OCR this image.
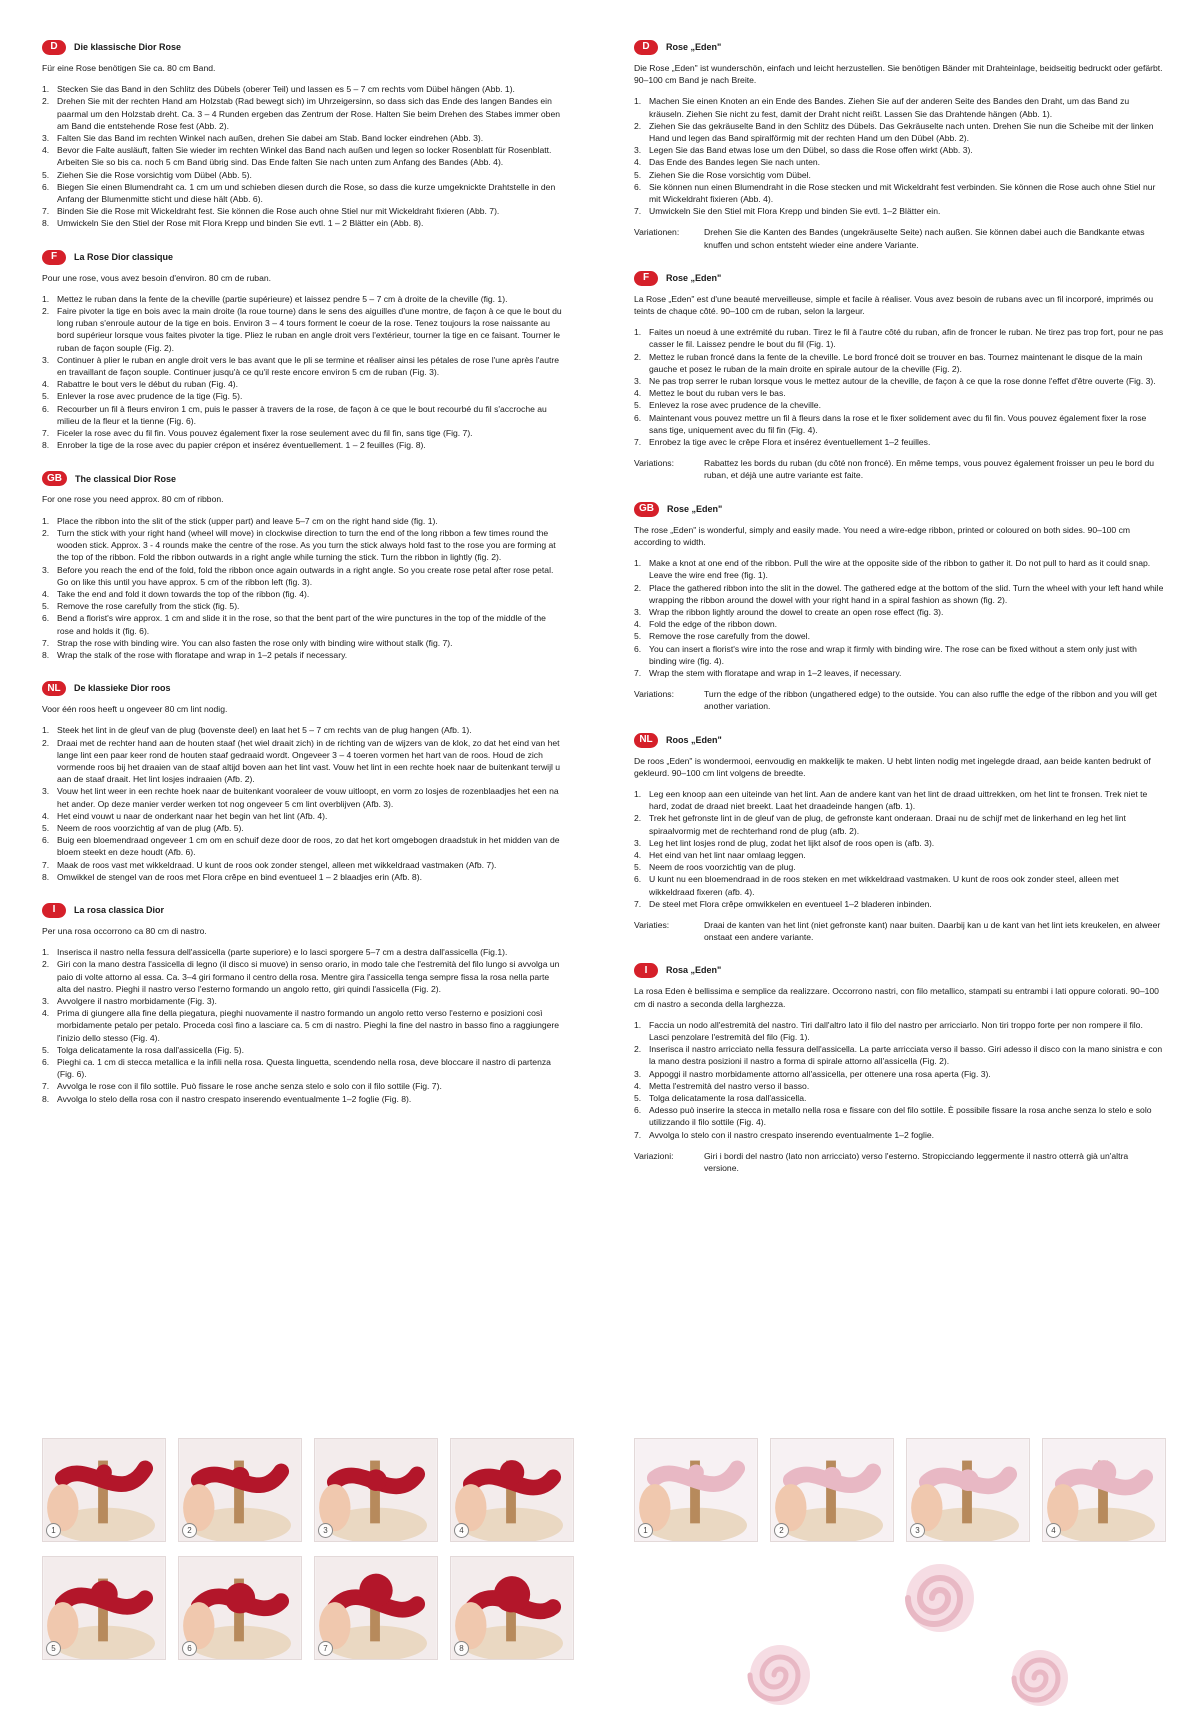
D	Die klassische Dior Rose

Für eine Rose benötigen Sie ca. 80 cm Band.

1. Stecken Sie das Band in den Schlitz des Dübels (oberer Teil) und lassen es 5 – 7 cm rechts vom Dübel hängen (Abb. 1).
2. Drehen Sie mit der rechten Hand am Holzstab (Rad bewegt sich) im Uhrzeigersinn, so dass sich das Ende des langen Bandes ein paarmal um den Holzstab dreht. Ca. 3 – 4 Runden ergeben das Zentrum der Rose. Halten Sie beim Drehen des Stabes immer oben am Band die entstehende Rose fest (Abb. 2).
3. Falten Sie das Band im rechten Winkel nach außen, drehen Sie dabei am Stab. Band locker eindrehen (Abb. 3).
4. Bevor die Falte ausläuft, falten Sie wieder im rechten Winkel das Band nach außen und legen so locker Rosenblatt für Rosenblatt. Arbeiten Sie so bis ca. noch 5 cm Band übrig sind. Das Ende falten Sie nach unten zum Anfang des Bandes (Abb. 4).
5. Ziehen Sie die Rose vorsichtig vom Dübel (Abb. 5).
6. Biegen Sie einen Blumendraht ca. 1 cm um und schieben diesen durch die Rose, so dass die kurze umgeknickte Drahtstelle in den Anfang der Blumenmitte sticht und diese hält (Abb. 6).
7. Binden Sie die Rose mit Wickeldraht fest. Sie können die Rose auch ohne Stiel nur mit Wickeldraht fixieren (Abb. 7).
8. Umwickeln Sie den Stiel der Rose mit Flora Krepp und binden Sie evtl. 1 – 2 Blätter ein (Abb. 8).
F	La Rose Dior classique

Pour une rose, vous avez besoin d'environ. 80 cm de ruban.

1. Mettez le ruban dans la fente de la cheville (partie supérieure) et laissez pendre 5 – 7 cm à droite de la cheville (fig. 1).
2. Faire pivoter la tige en bois avec la main droite (la roue tourne) dans le sens des aiguilles d'une montre, de façon à ce que le bout du long ruban s'enroule autour de la tige en bois. Environ 3 – 4 tours forment le coeur de la rose. Tenez toujours la rose naissante au bord supérieur lorsque vous faites pivoter la tige. Pliez le ruban en angle droit vers l'extérieur, tourner la tige en ce faisant. Tourner le ruban de façon souple (Fig. 2).
3. Continuer à plier le ruban en angle droit vers le bas avant que le pli se termine et réaliser ainsi les pétales de rose l'une après l'autre en travaillant de façon souple. Continuer jusqu'à ce qu'il reste encore environ 5 cm de ruban (Fig. 3).
4. Rabattre le bout vers le début du ruban (Fig. 4).
5. Enlever la rose avec prudence de la tige (Fig. 5).
6. Recourber un fil à fleurs environ 1 cm, puis le passer à travers de la rose, de façon à ce que le bout recourbé du fil s'accroche au milieu de la fleur et la tienne (Fig. 6).
7. Ficeler la rose avec du fil fin. Vous pouvez également fixer la rose seulement avec du fil fin, sans tige (Fig. 7).
8. Enrober la tige de la rose avec du papier crépon et insérez éventuellement. 1 – 2 feuilles (Fig. 8).
GB	The classical Dior Rose

For one rose you need approx. 80 cm of ribbon.

1. Place the ribbon into the slit of the stick (upper part) and leave 5–7 cm on the right hand side (fig. 1).
2. Turn the stick with your right hand (wheel will move) in clockwise direction to turn the end of the long ribbon a few times round the wooden stick. Approx. 3 - 4 rounds make the centre of the rose. As you turn the stick always hold fast to the rose you are forming at the top of the ribbon. Fold the ribbon outwards in a right angle while turning the stick. Turn the ribbon in lightly (fig. 2).
3. Before you reach the end of the fold, fold the ribbon once again outwards in a right angle. So you create rose petal after rose petal. Go on like this until you have approx. 5 cm of the ribbon left (fig. 3).
4. Take the end and fold it down towards the top of the ribbon (fig. 4).
5. Remove the rose carefully from the stick (fig. 5).
6. Bend a florist's wire approx. 1 cm and slide it in the rose, so that the bent part of the wire punctures in the top of the middle of the rose and holds it (fig. 6).
7. Strap the rose with binding wire. You can also fasten the rose only with binding wire without stalk (fig. 7).
8. Wrap the stalk of the rose with floratape and wrap in 1–2 petals if necessary.
NL	De klassieke Dior roos

Voor één roos heeft u ongeveer 80 cm lint nodig.

1. Steek het lint in de gleuf van de plug (bovenste deel) en laat het 5 – 7 cm rechts van de plug hangen (Afb. 1).
2. Draai met de rechter hand aan de houten staaf (het wiel draait zich) in de richting van de wijzers van de klok, zo dat het eind van het lange lint een paar keer rond de houten staaf gedraaid wordt. Ongeveer 3 – 4 toeren vormen het hart van de roos. Houd de zich vormende roos bij het draaien van de staaf altijd boven aan het lint vast. Vouw het lint in een rechte hoek naar de buitenkant terwijl u aan de staaf draait. Het lint losjes indraaien (Afb. 2).
3. Vouw het lint weer in een rechte hoek naar de buitenkant vooraleer de vouw uitloopt, en vorm zo losjes de rozenblaadjes het een na het ander. Op deze manier verder werken tot nog ongeveer 5 cm lint overblijven (Afb. 3).
4. Het eind vouwt u naar de onderkant naar het begin van het lint (Afb. 4).
5. Neem de roos voorzichtig af van de plug (Afb. 5).
6. Buig een bloemendraad ongeveer 1 cm om en schuif deze door de roos, zo dat het kort omgebogen draadstuk in het midden van de bloem steekt en deze houdt (Afb. 6).
7. Maak de roos vast met wikkeldraad. U kunt de roos ook zonder stengel, alleen met wikkeldraad vastmaken (Afb. 7).
8. Omwikkel de stengel van de roos met Flora crêpe en bind eventueel 1 – 2 blaadjes erin (Afb. 8).
I	La rosa classica Dior

Per una rosa occorrono ca 80 cm di nastro.

1. Inserisca il nastro nella fessura dell'assicella (parte superiore) e lo lasci sporgere 5–7 cm a destra dall'assicella (Fig.1).
2. Giri con la mano destra l'assicella di legno (il disco si muove) in senso orario, in modo tale che l'estremità del filo lungo si avvolga un paio di volte attorno al essa. Ca. 3–4 giri formano il centro della rosa. Mentre gira l'assicella tenga sempre fissa la rosa nella parte alta del nastro. Pieghi il nastro verso l'esterno formando un angolo retto, giri quindi l'assicella (Fig. 2).
3. Avvolgere il nastro morbidamente (Fig. 3).
4. Prima di giungere alla fine della piegatura, pieghi nuovamente il nastro formando un angolo retto verso l'esterno e posizioni così morbidamente petalo per petalo. Proceda così fino a lasciare ca. 5 cm di nastro. Pieghi la fine del nastro in basso fino a raggiungere l'inizio dello stesso (Fig. 4).
5. Tolga delicatamente la rosa dall'assicella (Fig. 5).
6. Pieghi ca. 1 cm di stecca metallica e la infili nella rosa. Questa linguetta, scendendo nella rosa, deve bloccare il nastro di partenza (Fig. 6).
7. Avvolga le rose con il filo sottile. Può fissare le rose anche senza stelo e solo con il filo sottile (Fig. 7).
8. Avvolga lo stelo della rosa con il nastro crespato inserendo eventualmente 1–2 foglie (Fig. 8).
D	Rose „Eden"

Die Rose „Eden" ist wunderschön, einfach und leicht herzustellen. Sie benötigen Bänder mit Drahteinlage, beidseitig bedruckt oder gefärbt. 90–100 cm Band je nach Breite.

1. Machen Sie einen Knoten an ein Ende des Bandes. Ziehen Sie auf der anderen Seite des Bandes den Draht, um das Band zu kräuseln. Ziehen Sie nicht zu fest, damit der Draht nicht reißt. Lassen Sie das Drahtende hängen (Abb. 1).
2. Ziehen Sie das gekräuselte Band in den Schlitz des Dübels. Das Gekräuselte nach unten. Drehen Sie nun die Scheibe mit der linken Hand und legen das Band spiralförmig mit der rechten Hand um den Dübel (Abb. 2).
3. Legen Sie das Band etwas lose um den Dübel, so dass die Rose offen wirkt (Abb. 3).
4. Das Ende des Bandes legen Sie nach unten.
5. Ziehen Sie die Rose vorsichtig vom Dübel.
6. Sie können nun einen Blumendraht in die Rose stecken und mit Wickeldraht fest verbinden. Sie können die Rose auch ohne Stiel nur mit Wickeldraht fixieren (Abb. 4).
7. Umwickeln Sie den Stiel mit Flora Krepp und binden Sie evtl. 1–2 Blätter ein.
Variationen:	Drehen Sie die Kanten des Bandes (ungekräuselte Seite) nach außen. Sie können dabei auch die Bandkante etwas knuffen und schon entsteht wieder eine andere Variante.
F	Rose „Eden"

La Rose „Eden" est d'une beauté merveilleuse, simple et facile à réaliser. Vous avez besoin de rubans avec un fil incorporé, imprimés ou teints de chaque côté. 90–100 cm de ruban, selon la largeur.

1. Faites un noeud à une extrémité du ruban. Tirez le fil à l'autre côté du ruban, afin de froncer le ruban. Ne tirez pas trop fort, pour ne pas casser le fil. Laissez pendre le bout du fil (Fig. 1).
2. Mettez le ruban froncé dans la fente de la cheville. Le bord froncé doit se trouver en bas. Tournez maintenant le disque de la main gauche et posez le ruban de la main droite en spirale autour de la cheville (Fig. 2).
3. Ne pas trop serrer le ruban lorsque vous le mettez autour de la cheville, de façon à ce que la rose donne l'effet d'être ouverte (Fig. 3).
4. Mettez le bout du ruban vers le bas.
5. Enlevez la rose avec prudence de la cheville.
6. Maintenant vous pouvez mettre un fil à fleurs dans la rose et le fixer solidement avec du fil fin. Vous pouvez également fixer la rose sans tige, uniquement avec du fil fin (Fig. 4).
7. Enrobez la tige avec le crêpe Flora et insérez éventuellement 1–2 feuilles.
Variations:	Rabattez les bords du ruban (du côté non froncé). En même temps, vous pouvez également froisser un peu le bord du ruban, et déjà une autre variante est faite.
GB	Rose „Eden"

The rose „Eden" is wonderful, simply and easily made. You need a wire-edge ribbon, printed or coloured on both sides. 90–100 cm according to width.

1. Make a knot at one end of the ribbon. Pull the wire at the opposite side of the ribbon to gather it. Do not pull to hard as it could snap. Leave the wire end free (fig. 1).
2. Place the gathered ribbon into the slit in the dowel. The gathered edge at the bottom of the slid. Turn the wheel with your left hand while wrapping the ribbon around the dowel with your right hand in a spiral fashion as shown (fig. 2).
3. Wrap the ribbon lightly around the dowel to create an open rose effect (fig. 3).
4. Fold the edge of the ribbon down.
5. Remove the rose carefully from the dowel.
6. You can insert a florist's wire into the rose and wrap it firmly with binding wire. The rose can be fixed without a stem only just with binding wire (fig. 4).
7. Wrap the stem with floratape and wrap in 1–2 leaves, if necessary.
Variations:	Turn the edge of the ribbon (ungathered edge) to the outside. You can also ruffle the edge of the ribbon and you will get another variation.
NL	Roos „Eden"

De roos „Eden" is wondermooi, eenvoudig en makkelijk te maken. U hebt linten nodig met ingelegde draad, aan beide kanten bedrukt of gekleurd. 90–100 cm lint volgens de breedte.

1. Leg een knoop aan een uiteinde van het lint. Aan de andere kant van het lint de draad uittrekken, om het lint te fronsen. Trek niet te hard, zodat de draad niet breekt. Laat het draadeinde hangen (afb. 1).
2. Trek het gefronste lint in de gleuf van de plug, de gefronste kant onderaan. Draai nu de schijf met de linkerhand en leg het lint spiraalvormig met de rechterhand rond de plug (afb. 2).
3. Leg het lint losjes rond de plug, zodat het lijkt alsof de roos open is (afb. 3).
4. Het eind van het lint naar omlaag leggen.
5. Neem de roos voorzichtig van de plug.
6. U kunt nu een bloemendraad in de roos steken en met wikkeldraad vastmaken. U kunt de roos ook zonder steel, alleen met wikkeldraad fixeren (afb. 4).
7. De steel met Flora crêpe omwikkelen en eventueel 1–2 bladeren inbinden.
Variaties:	Draai de kanten van het lint (niet gefronste kant) naar buiten. Daarbij kan u de kant van het lint iets kreukelen, en alweer onstaat een andere variante.
I	Rosa „Eden"

La rosa Eden è bellissima e semplice da realizzare. Occorrono nastri, con filo metallico, stampati su entrambi i lati oppure colorati. 90–100 cm di nastro a seconda della larghezza.

1. Faccia un nodo all'estremità del nastro. Tiri dall'altro lato il filo del nastro per arricciarlo. Non tiri troppo forte per non rompere il filo. Lasci penzolare l'estremità del filo (Fig. 1).
2. Inserisca il nastro arricciato nella fessura dell'assicella. La parte arricciata verso il basso. Giri adesso il disco con la mano sinistra e con la mano destra posizioni il nastro a forma di spirale attorno all'assicella (Fig. 2).
3. Appoggi il nastro morbidamente attorno all'assicella, per ottenere una rosa aperta (Fig. 3).
4. Metta l'estremità del nastro verso il basso.
5. Tolga delicatamente la rosa dall'assicella.
6. Adesso può inserire la stecca in metallo nella rosa e fissare con del filo sottile. È possibile fissare la rosa anche senza lo stelo e solo utilizzando il filo sottile (Fig. 4).
7. Avvolga lo stelo con il nastro crespato inserendo eventualmente 1–2 foglie.
Variazioni:	Giri i bordi del nastro (lato non arricciato) verso l'esterno. Stropicciando leggermente il nastro otterrà già un'altra versione.
1	2	3	4
5	6	7	8
1	2	3	4
